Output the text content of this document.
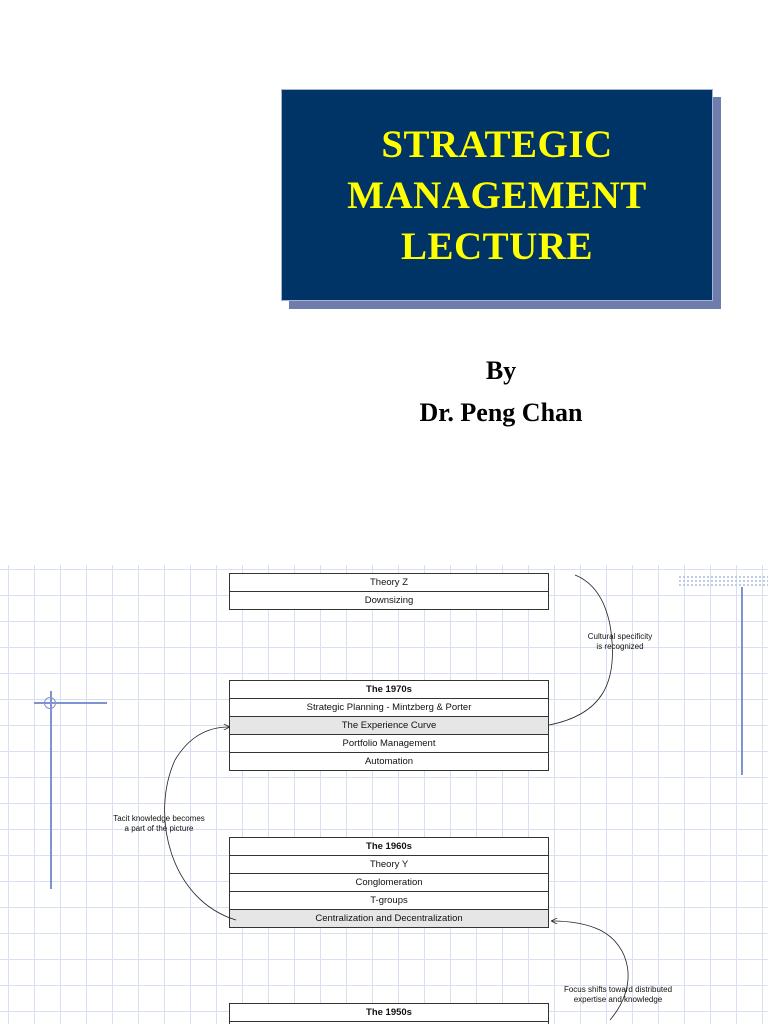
STRATEGIC
MANAGEMENT
LECTURE
By
Dr. Peng Chan
Theory Z
Downsizing
The 1970s
Strategic Planning - Mintzberg & Porter
The Experience Curve
Portfolio Management
Automation
The 1960s
Theory Y
Conglomeration
T-groups
Centralization and Decentralization
The 1950s

Cultural specificity
is recognized
Tacit knowledge becomes
a part of the picture
Focus shifts toward distributed
expertise and knowledge
